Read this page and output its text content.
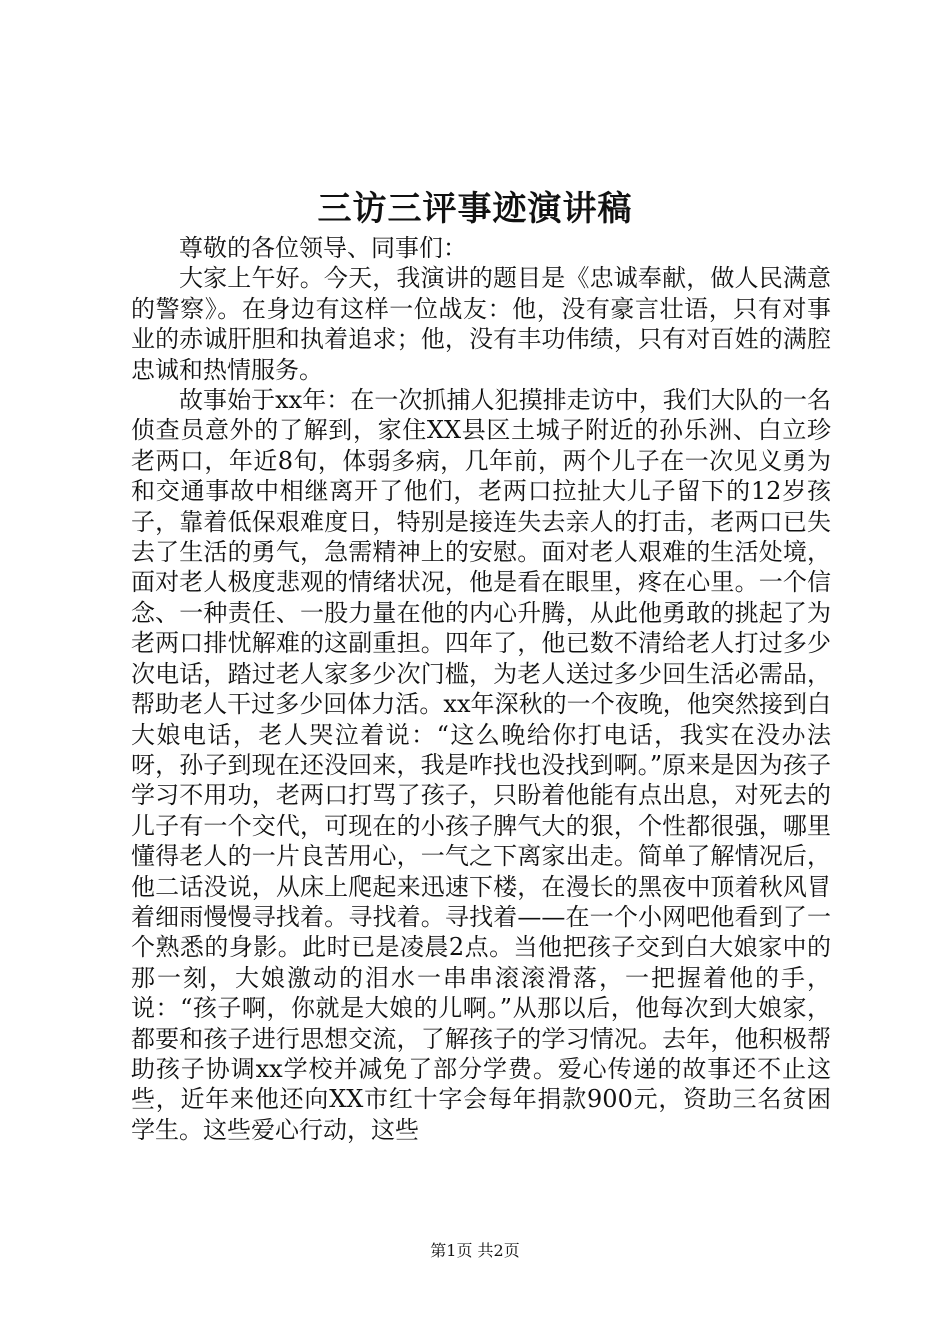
三访三评事迹演讲稿

尊敬的各位领导、同事们：

大家上午好。今天，我演讲的题目是《忠诚奉献，做人民满意的警察》。在身边有这样一位战友：他，没有豪言壮语，只有对事业的赤诚肝胆和执着追求；他，没有丰功伟绩，只有对百姓的满腔忠诚和热情服务。

故事始于xx年：在一次抓捕人犯摸排走访中，我们大队的一名侦查员意外的了解到，家住XX县区土城子附近的孙乐洲、白立珍老两口，年近8旬，体弱多病，几年前，两个儿子在一次见义勇为和交通事故中相继离开了他们，老两口拉扯大儿子留下的12岁孩子，靠着低保艰难度日，特别是接连失去亲人的打击，老两口已失去了生活的勇气，急需精神上的安慰。面对老人艰难的生活处境，面对老人极度悲观的情绪状况，他是看在眼里，疼在心里。一个信念、一种责任、一股力量在他的内心升腾，从此他勇敢的挑起了为老两口排忧解难的这副重担。四年了，他已数不清给老人打过多少次电话，踏过老人家多少次门槛，为老人送过多少回生活必需品，帮助老人干过多少回体力活。xx年深秋的一个夜晚，他突然接到白大娘电话，老人哭泣着说：“这么晚给你打电话，我实在没办法呀，孙子到现在还没回来，我是咋找也没找到啊。”原来是因为孩子学习不用功，老两口打骂了孩子，只盼着他能有点出息，对死去的儿子有一个交代，可现在的小孩子脾气大的狠，个性都很强，哪里懂得老人的一片良苦用心，一气之下离家出走。简单了解情况后，他二话没说，从床上爬起来迅速下楼，在漫长的黑夜中顶着秋风冒着细雨慢慢寻找着。寻找着。寻找着——在一个小网吧他看到了一个熟悉的身影。此时已是凌晨2点。当他把孩子交到白大娘家中的那一刻，大娘激动的泪水一串串滚滚滑落，一把握着他的手，说：“孩子啊，你就是大娘的儿啊。”从那以后，他每次到大娘家，都要和孩子进行思想交流，了解孩子的学习情况。去年，他积极帮助孩子协调xx学校并减免了部分学费。爱心传递的故事还不止这些，近年来他还向XX市红十字会每年捐款900元，资助三名贫困学生。这些爱心行动，这些

第1页 共2页
